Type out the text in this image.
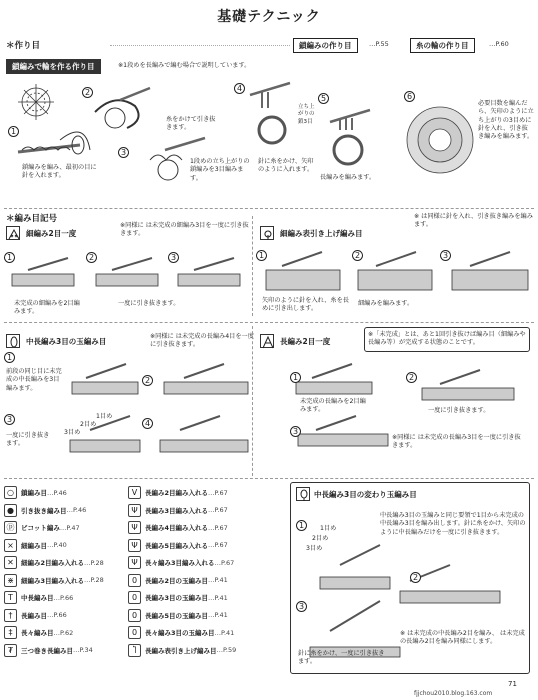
基礎テクニック
＊作り目	鎖編みの作り目	…P.55	糸の輪の作り目	…P.60
鎖編みで輪を作る作り目	※1段めを長編みで編む場合で説明しています。
1
2
3
4
5	6
鎖編みを編み、最初の目に針を入れます。
糸をかけて引き抜きます。
1段めの立ち上がりの鎖編みを3目編みます。
針に糸をかけ、矢印のように入れます。
立ち上がりの鎖3目
長編みを編みます。
必要目数を編んだら、矢印のように立ち上がりの3目めに針を入れ、引き抜き編みを編みます。
＊編み目記号
細編み2目一度
※同様に は未完成の細編み3目を一度に引き抜きます。
1	2	3
未完成の細編みを2目編みます。
一度に引き抜きます。
細編み表引き上げ編み目
※ は同様に針を入れ、引き抜き編みを編みます。
1	2	3
矢印のように針を入れ、糸を長めに引き出します。
細編みを編みます。
中長編み3目の玉編み目
※同様に は未完成の長編み4目を一度に引き抜きます。
1
2
3	4
前段の同じ目に未完成の中長編みを3目編みます。
一度に引き抜きます。
1目め
2目め
3目め
長編み2目一度
※「未完成」とは、あと1回引き抜けば編み目（細編みや長編み等）が完成する状態のことです。
1	2
3
未完成の長編みを2目編みます。	一度に引き抜きます。
※同様に は未完成の長編み3目を一度に引き抜きます。
○	鎖編み目 …P.46
●	引き抜き編み目 …P.46
ⓟ	ピコット編み …P.47
×	細編み目 …P.40
✕	細編み2目編み入れる …P.28
⋇	細編み3目編み入れる …P.28
T	中長編み目 …P.66
†	長編み目 …P.66
‡	長々編み目 …P.62
₮	三つ巻き長編み目 …P.34
V	長編み2目編み入れる …P.67
Ψ	長編み3目編み入れる …P.67
Ψ	長編み4目編み入れる …P.67
Ψ	長編み5目編み入れる …P.67
Ψ	長々編み3目編み入れる …P.67
0	長編み2目の玉編み目 …P.41
0	長編み3目の玉編み目 …P.41
0	長編み5目の玉編み目 …P.41
0	長々編み3目の玉編み目 …P.41
Ⴈ	長編み表引き上げ編み目 …P.59
中長編み3目の変わり玉編み目
中長編み3目の玉編みと同じ要領で1目から未完成の中長編み3目を編み出します。針に糸をかけ、矢印のように中長編みだけを一度に引き抜きます。
1
2
3
1目め
2目め
3目め
針に糸をかけ、一度に引き抜きます。
※ は未完成の中長編み2目を編み、 は未完成の長編み2目を編み同様にします。
71
fjjchou2010.blog.163.com
